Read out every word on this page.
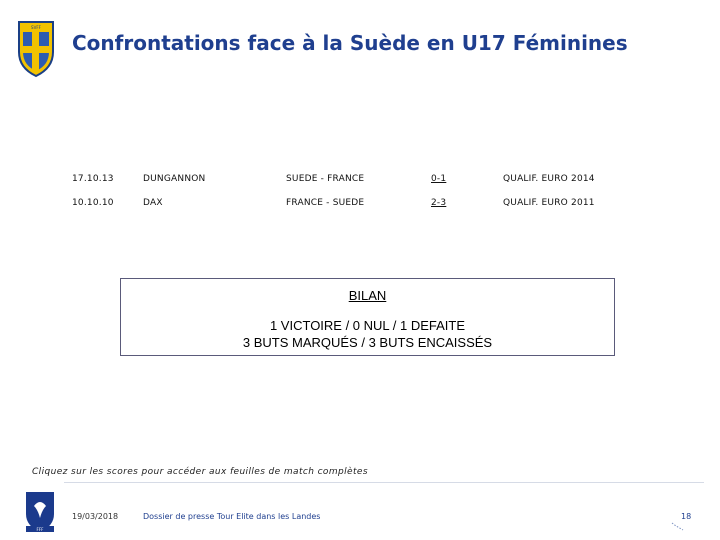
SVFF
Confrontations face à la Suède en U17 Féminines
17.10.13	DUNGANNON	SUEDE - FRANCE	0-1	QUALIF. EURO 2014
10.10.10	DAX	FRANCE - SUEDE	2-3	QUALIF. EURO 2011
BILAN
1 VICTOIRE / 0 NUL / 1 DEFAITE
3 BUTS MARQUÉS / 3 BUTS ENCAISSÉS
Cliquez sur les scores pour accéder aux feuilles de match complètes
FFF
19/03/2018	Dossier de presse Tour Elite dans les Landes	18
